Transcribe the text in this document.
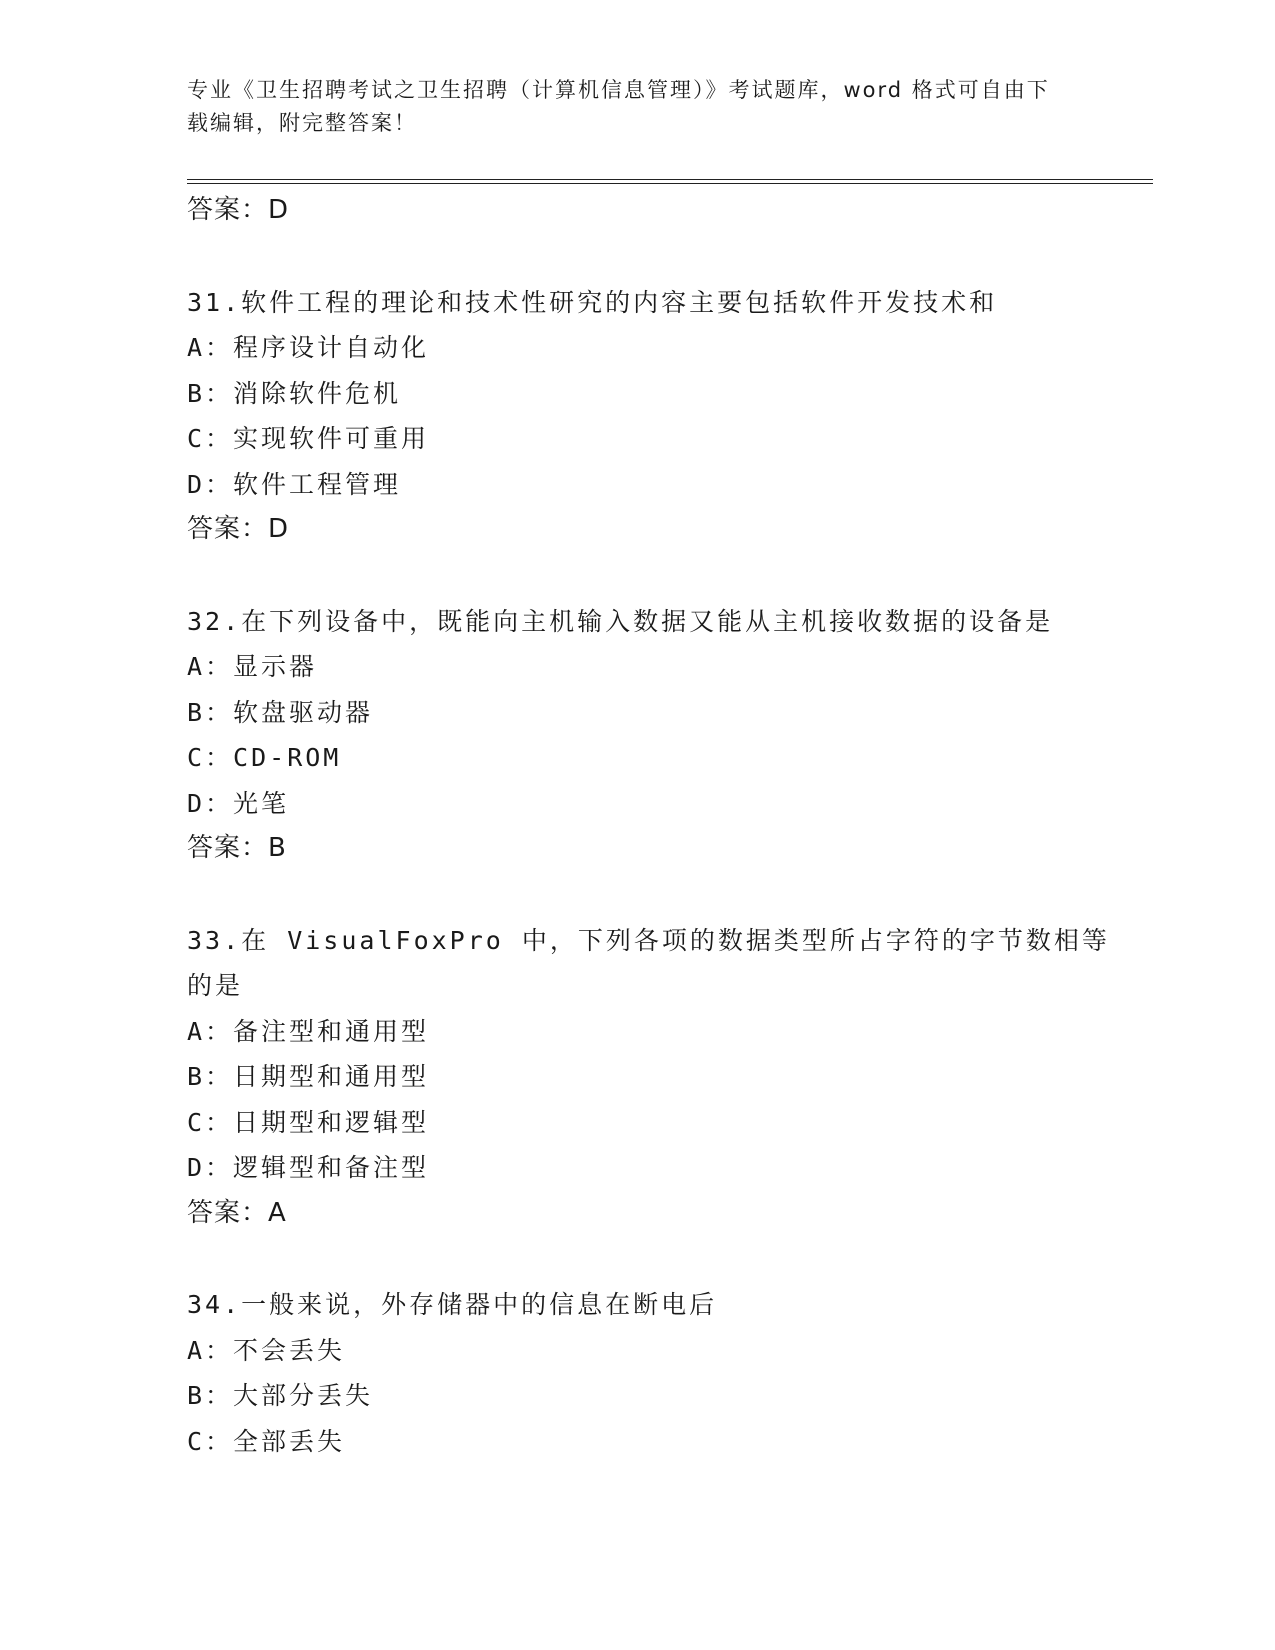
专业《卫生招聘考试之卫生招聘（计算机信息管理）》考试题库，word 格式可自由下载编辑，附完整答案！
答案：D
31.软件工程的理论和技术性研究的内容主要包括软件开发技术和
A：程序设计自动化
B：消除软件危机
C：实现软件可重用
D：软件工程管理
答案：D
32.在下列设备中，既能向主机输入数据又能从主机接收数据的设备是
A：显示器
B：软盘驱动器
C：CD-ROM
D：光笔
答案：B
33.在 VisualFoxPro 中，下列各项的数据类型所占字符的字节数相等的是
A：备注型和通用型
B：日期型和通用型
C：日期型和逻辑型
D：逻辑型和备注型
答案：A
34.一般来说，外存储器中的信息在断电后
A：不会丢失
B：大部分丢失
C：全部丢失
